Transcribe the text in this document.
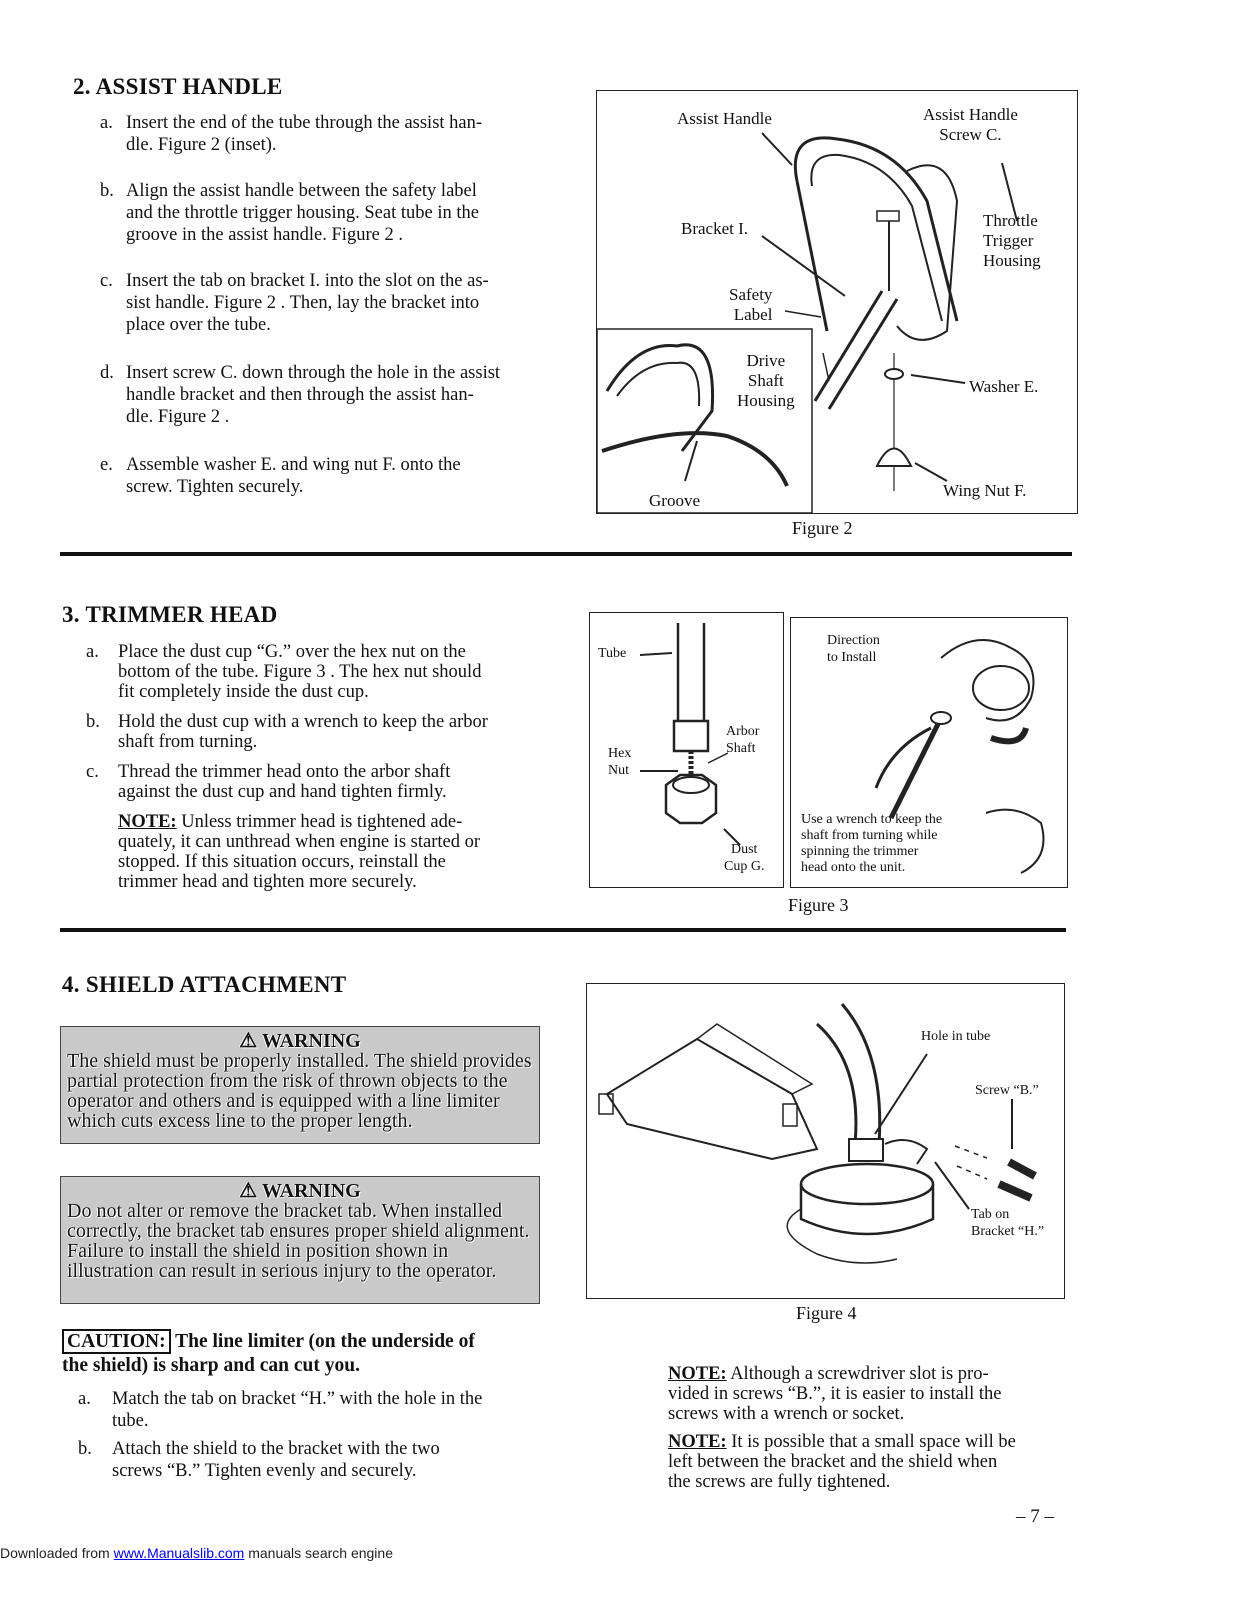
2. ASSIST HANDLE
a. Insert the end of the tube through the assist han-
dle. Figure 2 (inset).
b. Align the assist handle between the safety label
and the throttle trigger housing. Seat tube in the
groove in the assist handle. Figure 2 .
c. Insert the tab on bracket I. into the slot on the as-
sist handle. Figure 2 . Then, lay the bracket into
place over the tube.
d. Insert screw C. down through the hole in the assist
handle bracket and then through the assist han-
dle. Figure 2 .
e. Assemble washer E. and wing nut F. onto the
screw. Tighten securely.
Assist Handle	Assist Handle
Screw C.
Throttle
Trigger
Housing
Bracket I.
Safety
Label
Drive
Shaft
Housing
Washer E.
Wing Nut F.
Groove
Figure 2
3. TRIMMER HEAD
a.	Place the dust cup “G.” over the hex nut on the
bottom of the tube. Figure 3 . The hex nut should
fit completely inside the dust cup.
b. Hold the dust cup with a wrench to keep the arbor
shaft from turning.
c.	Thread the trimmer head onto the arbor shaft
against the dust cup and hand tighten firmly.
NOTE: Unless trimmer head is tightened ade-
quately, it can unthread when engine is started or
stopped. If this situation occurs, reinstall the
trimmer head and tighten more securely.
Tube
Arbor
Shaft
Hex
Nut
Dust
Cup G.
Direction
to Install
Use a wrench to keep the
shaft from turning while
spinning the trimmer
head onto the unit.
Figure 3
4. SHIELD ATTACHMENT
⚠ WARNING
The shield must be properly installed. The shield provides partial protection from the risk of thrown objects to the operator and others and is equipped with a line limiter which cuts excess line to the proper length.
⚠ WARNING
Do not alter or remove the bracket tab. When installed correctly, the bracket tab ensures proper shield alignment. Failure to install the shield in position shown in illustration can result in serious injury to the operator.
CAUTION: The line limiter (on the underside of
the shield) is sharp and can cut you.
a.	Match the tab on bracket “H.” with the hole in the
tube.
b.	Attach the shield to the bracket with the two
screws “B.” Tighten evenly and securely.
Hole in tube
Screw “B.”
Tab on
Bracket “H.”
Figure 4
NOTE: Although a screwdriver slot is pro-
vided in screws “B.”, it is easier to install the
screws with a wrench or socket.
NOTE: It is possible that a small space will be
left between the bracket and the shield when
the screws are fully tightened.
– 7 –
Downloaded from www.Manualslib.com manuals search engine
